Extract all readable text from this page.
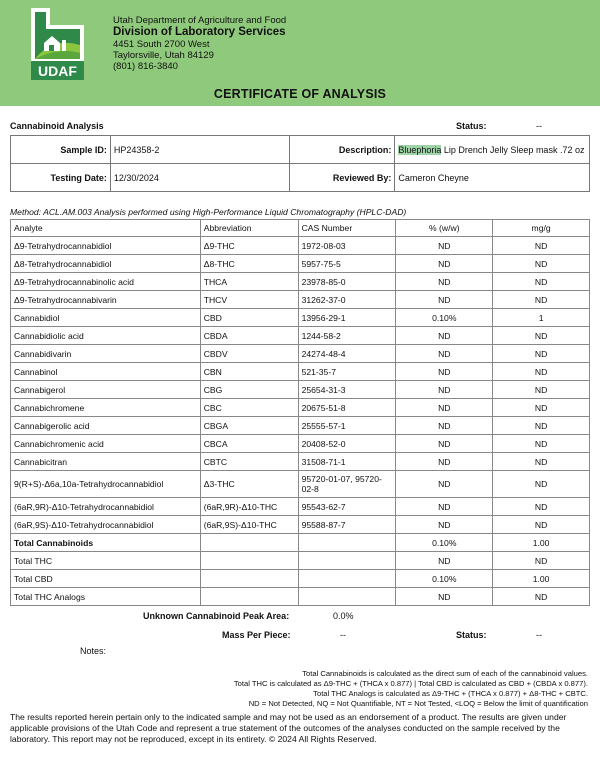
UDAF
Utah Department of Agriculture and Food
Division of Laboratory Services
4451 South 2700 West
Taylorsville, Utah 84129
(801) 816-3840
CERTIFICATE OF ANALYSIS
Cannabinoid Analysis	Status:	--
Sample ID:	HP24358-2	Description:	Bluephoria Lip Drench Jelly Sleep mask .72 oz
Testing Date:	12/30/2024	Reviewed By:	Cameron Cheyne
Method: ACL.AM.003 Analysis performed using High-Performance Liquid Chromatography (HPLC-DAD)
Analyte	Abbreviation	CAS Number	% (w/w)	mg/g
Δ9-Tetrahydrocannabidiol	Δ9-THC	1972-08-03	ND	ND
Δ8-Tetrahydrocannabidiol	Δ8-THC	5957-75-5	ND	ND
Δ9-Tetrahydrocannabinolic acid	THCA	23978-85-0	ND	ND
Δ9-Tetrahydrocannabivarin	THCV	31262-37-0	ND	ND
Cannabidiol	CBD	13956-29-1	0.10%	1
Cannabidiolic acid	CBDA	1244-58-2	ND	ND
Cannabidivarin	CBDV	24274-48-4	ND	ND
Cannabinol	CBN	521-35-7	ND	ND
Cannabigerol	CBG	25654-31-3	ND	ND
Cannabichromene	CBC	20675-51-8	ND	ND
Cannabigerolic acid	CBGA	25555-57-1	ND	ND
Cannabichromenic acid	CBCA	20408-52-0	ND	ND
Cannabicitran	CBTC	31508-71-1	ND	ND
9(R+S)-Δ6a,10a-Tetrahydrocannabidiol	Δ3-THC	95720-01-07, 95720-02-8	ND	ND
(6aR,9R)-Δ10-Tetrahydrocannabidiol	(6aR,9R)-Δ10-THC	95543-62-7	ND	ND
(6aR,9S)-Δ10-Tetrahydrocannabidiol	(6aR,9S)-Δ10-THC	95588-87-7	ND	ND
Total Cannabinoids			0.10%	1.00
Total THC			ND	ND
Total CBD			0.10%	1.00
Total THC Analogs			ND	ND
Unknown Cannabinoid Peak Area:	0.0%
Mass Per Piece:	--	Status:	--
Notes:
Total Cannabinoids is calculated as the direct sum of each of the cannabinoid values.
Total THC is calculated as Δ9-THC + (THCA x 0.877) | Total CBD is calculated as CBD + (CBDA x 0.877).
Total THC Analogs is calculated as Δ9-THC + (THCA x 0.877) + Δ8-THC + CBTC.
ND = Not Detected, NQ = Not Quantifiable, NT = Not Tested, <LOQ = Below the limit of quantification
The results reported herein pertain only to the indicated sample and may not be used as an endorsement of a product. The results are given under applicable provisions of the Utah Code and represent a true statement of the outcomes of the analyses conducted on the sample received by the laboratory. This report may not be reproduced, except in its entirety. © 2024 All Rights Reserved.
